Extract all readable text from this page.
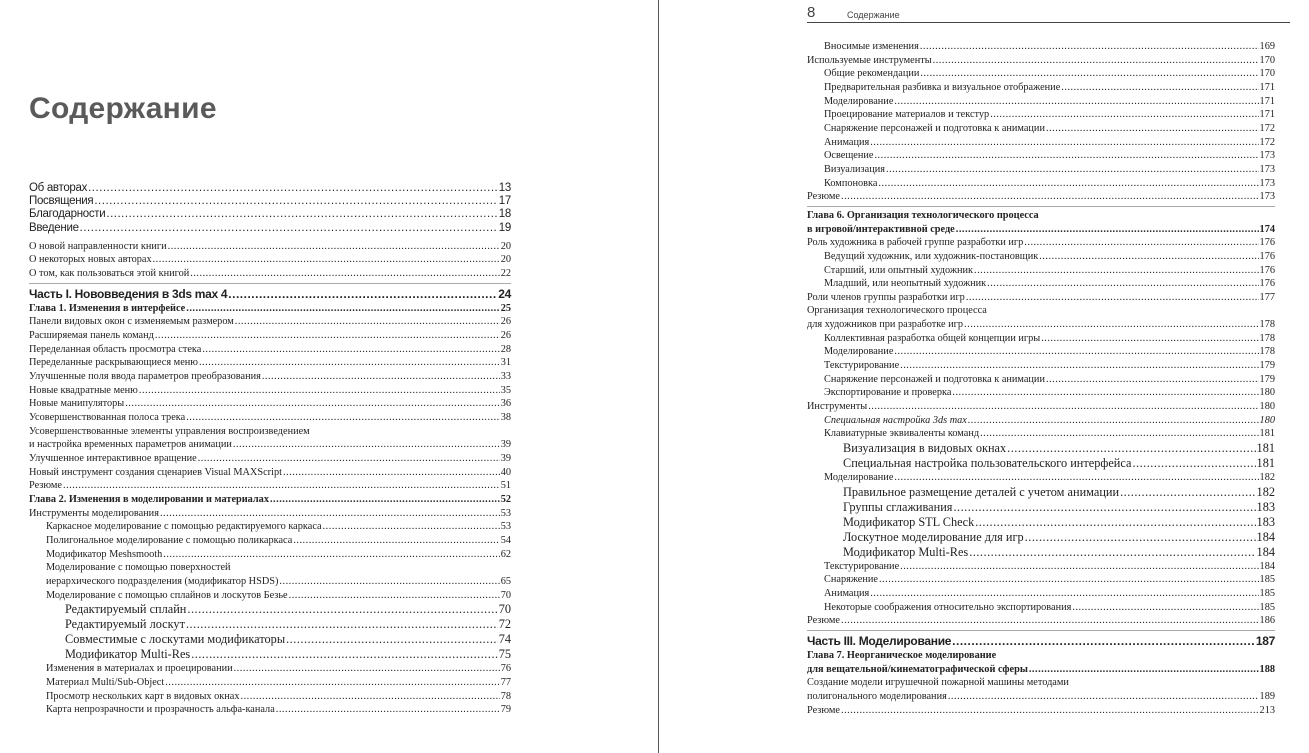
Содержание
Об авторах .....	13
Посвящения .....	17
Благодарности .....	18
Введение .....	19
О новой направленности книги .....	20
О некоторых новых авторах .....	20
О том, как пользоваться этой книгой .....	22
Часть I. Нововведения в 3ds max 4 .....	24
Глава 1. Изменения в интерфейсе .....	25
Панели видовых окон с изменяемым размером .....	26
Расширяемая панель команд .....	26
Переделанная область просмотра стека .....	28
Переделанные раскрывающиеся меню .....	31
Улучшенные поля ввода параметров преобразования .....	33
Новые квадратные меню .....	35
Новые манипуляторы .....	36
Усовершенствованная полоса трека .....	38
Усовершенствованные элементы управления воспроизведением
и настройка временных параметров анимации .....	39
Улучшенное интерактивное вращение .....	39
Новый инструмент создания сценариев Visual MAXScript .....	40
Резюме .....	51
Глава 2. Изменения в моделировании и материалах .....	52
Инструменты моделирования .....	53
Каркасное моделирование с помощью редактируемого каркаса .....	53
Полигональное моделирование с помощью поликаркаса .....	54
Модификатор Meshsmooth .....	62
Моделирование с помощью поверхностей
иерархического подразделения (модификатор HSDS) .....	65
Моделирование с помощью сплайнов и лоскутов Безье .....	70
Редактируемый сплайн .....	70
Редактируемый лоскут .....	72
Совместимые с лоскутами модификаторы .....	74
Модификатор Multi-Res .....	75
Изменения в материалах и проецировании .....	76
Материал Multi/Sub-Object .....	77
Просмотр нескольких карт в видовых окнах .....	78
Карта непрозрачности и прозрачность альфа-канала .....	79
8	Содержание
Вносимые изменения .....	169
Используемые инструменты .....	170
Общие рекомендации .....	170
Предварительная разбивка и визуальное отображение .....	171
Моделирование .....	171
Проецирование материалов и текстур .....	171
Снаряжение персонажей и подготовка к анимации .....	172
Анимация .....	172
Освещение .....	173
Визуализация .....	173
Компоновка .....	173
Резюме .....	173
Глава 6. Организация технологического процесса
в игровой/интерактивной среде .....	174
Роль художника в рабочей группе разработки игр .....	176
Ведущий художник, или художник-постановщик .....	176
Старший, или опытный художник .....	176
Младший, или неопытный художник .....	176
Роли членов группы разработки игр .....	177
Организация технологического процесса
для художников при разработке игр .....	178
Коллективная разработка общей концепции игры .....	178
Моделирование .....	178
Текстурирование .....	179
Снаряжение персонажей и подготовка к анимации .....	179
Экспортирование и проверка .....	180
Инструменты .....	180
Специальная настройка 3ds max .....	180
Клавиатурные эквиваленты команд .....	181
Визуализация в видовых окнах .....	181
Специальная настройка пользовательского интерфейса .....	181
Моделирование .....	182
Правильное размещение деталей с учетом анимации .....	182
Группы сглаживания .....	183
Модификатор STL Check .....	183
Лоскутное моделирование для игр .....	184
Модификатор Multi-Res .....	184
Текстурирование .....	184
Снаряжение .....	185
Анимация .....	185
Некоторые соображения относительно экспортирования .....	185
Резюме .....	186
Часть III. Моделирование .....	187
Глава 7. Неорганическое моделирование
для вещательной/кинематографической сферы .....	188
Создание модели игрушечной пожарной машины методами
полигонального моделирования .....	189
Резюме .....	213
